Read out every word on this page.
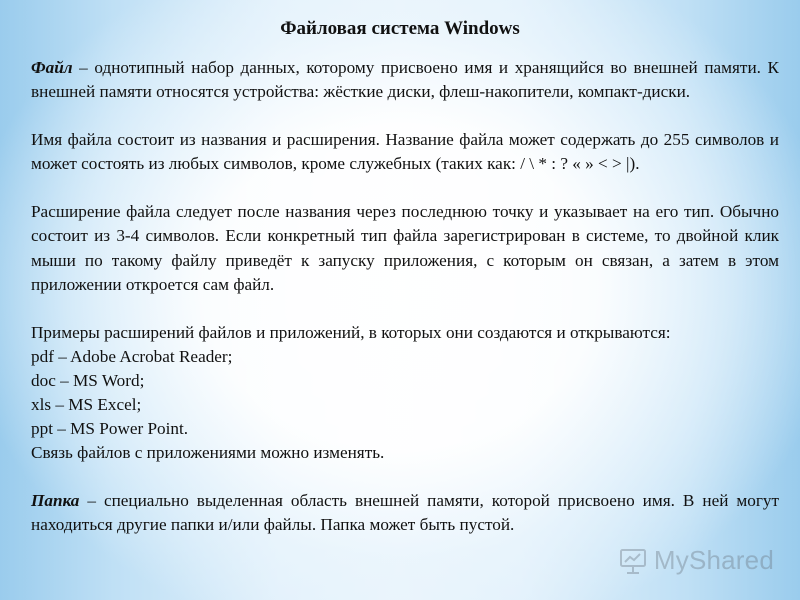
Файловая система Windows

Файл – однотипный набор данных, которому присвоено имя и хранящийся во внешней памяти. К внешней памяти относятся устройства: жёсткие диски, флеш-накопители, компакт-диски.

Имя файла состоит из названия и расширения. Название файла может содержать до 255 символов и может состоять из любых символов, кроме служебных (таких как: / \ * : ? « » < > |).

Расширение файла следует после названия через последнюю точку и указывает на его тип. Обычно состоит из 3-4 символов. Если конкретный тип файла зарегистрирован в системе, то двойной клик мыши по такому файлу приведёт к запуску приложения, с которым он связан, а затем в этом приложении откроется сам файл.

Примеры расширений файлов и приложений, в которых они создаются и открываются:
pdf – Adobe Acrobat Reader;
doc – MS Word;
xls – MS Excel;
ppt – MS Power Point.
Связь файлов с приложениями можно изменять.

Папка – специально выделенная область внешней памяти, которой присвоено имя. В ней могут находиться другие папки и/или файлы. Папка может быть пустой.

MyShared
